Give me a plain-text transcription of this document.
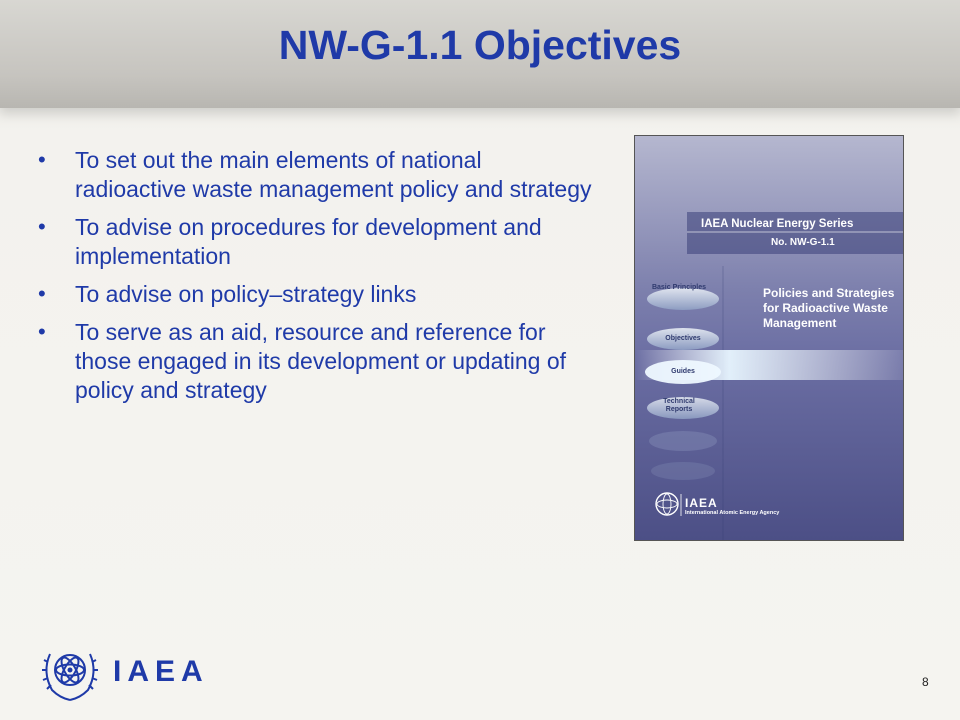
NW-G-1.1 Objectives
• To set out the main elements of national radioactive waste management policy and strategy
• To advise on procedures for development and implementation
• To advise on policy–strategy links
• To serve as an aid, resource and reference for those engaged in its development or updating of policy and strategy
IAEA Nuclear Energy Series
No. NW-G-1.1
Policies and Strategies for Radioactive Waste Management
Basic Principles
Objectives
Guides
Technical Reports
IAEA
International Atomic Energy Agency
IAEA	8
